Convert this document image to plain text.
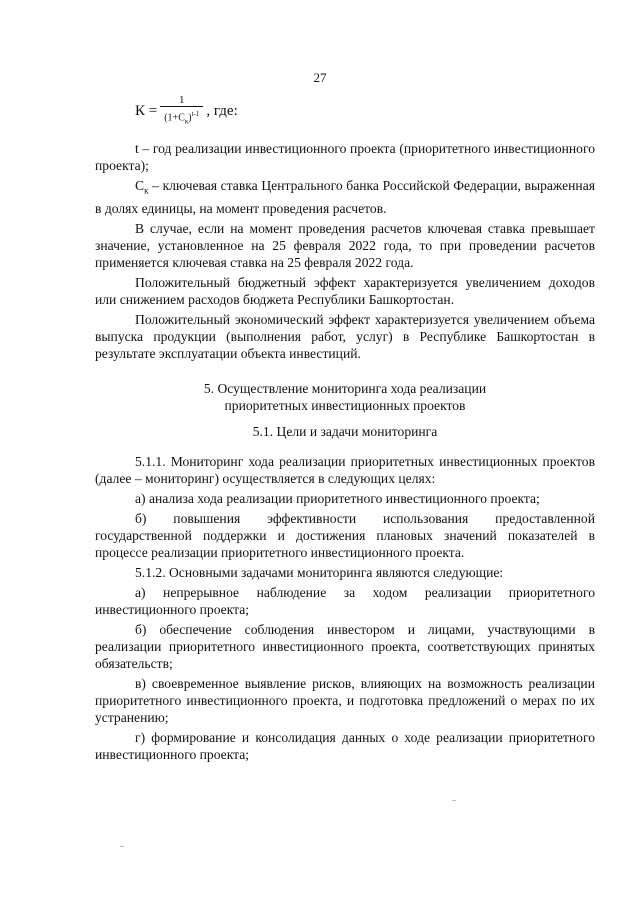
27
$К = \frac{1}{(1+С_к)^{t-1}}$ , где:

t – год реализации инвестиционного проекта (приоритетного инвестиционного проекта);

$С_к$ – ключевая ставка Центрального банка Российской Федерации, выраженная в долях единицы, на момент проведения расчетов.

В случае, если на момент проведения расчетов ключевая ставка превышает значение, установленное на 25 февраля 2022 года, то при проведении расчетов применяется ключевая ставка на 25 февраля 2022 года.

Положительный бюджетный эффект характеризуется увеличением доходов или снижением расходов бюджета Республики Башкортостан.

Положительный экономический эффект характеризуется увеличением объема выпуска продукции (выполнения работ, услуг) в Республике Башкортостан в результате эксплуатации объекта инвестиций.

5. Осуществление мониторинга хода реализации
приоритетных инвестиционных проектов

5.1. Цели и задачи мониторинга

5.1.1. Мониторинг хода реализации приоритетных инвестиционных проектов (далее – мониторинг) осуществляется в следующих целях:

а) анализа хода реализации приоритетного инвестиционного проекта;

б) повышения эффективности использования предоставленной государственной поддержки и достижения плановых значений показателей в процессе реализации приоритетного инвестиционного проекта.

5.1.2. Основными задачами мониторинга являются следующие:

а) непрерывное наблюдение за ходом реализации приоритетного инвестиционного проекта;

б) обеспечение соблюдения инвестором и лицами, участвующими в реализации приоритетного инвестиционного проекта, соответствующих принятых обязательств;

в) своевременное выявление рисков, влияющих на возможность реализации приоритетного инвестиционного проекта, и подготовка предложений о мерах по их устранению;

г) формирование и консолидация данных о ходе реализации приоритетного инвестиционного проекта;
